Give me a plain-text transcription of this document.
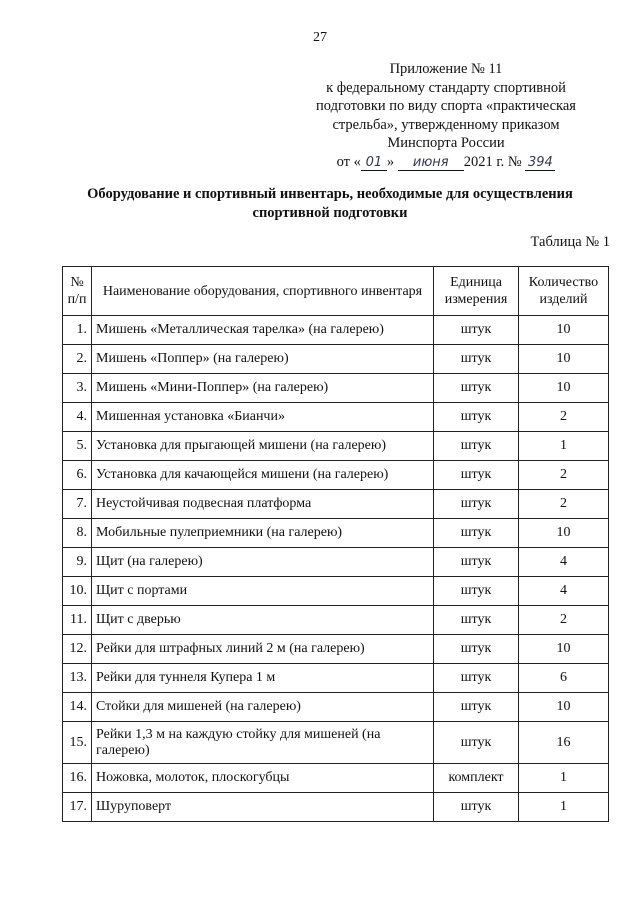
27
Приложение № 11
к федеральному стандарту спортивной
подготовки по виду спорта «практическая
стрельба», утвержденному приказом
Минспорта России
от « 01 » июня 2021 г. № 394
Оборудование и спортивный инвентарь, необходимые для осуществления спортивной подготовки
Таблица № 1
№ п/п	Наименование оборудования, спортивного инвентаря	Единица измерения	Количество изделий
1.	Мишень «Металлическая тарелка» (на галерею)	штук	10
2.	Мишень «Поппер» (на галерею)	штук	10
3.	Мишень «Мини-Поппер» (на галерею)	штук	10
4.	Мишенная установка «Бианчи»	штук	2
5.	Установка для прыгающей мишени (на галерею)	штук	1
6.	Установка для качающейся мишени (на галерею)	штук	2
7.	Неустойчивая подвесная платформа	штук	2
8.	Мобильные пулеприемники (на галерею)	штук	10
9.	Щит (на галерею)	штук	4
10.	Щит с портами	штук	4
11.	Щит с дверью	штук	2
12.	Рейки для штрафных линий 2 м (на галерею)	штук	10
13.	Рейки для туннеля Купера 1 м	штук	6
14.	Стойки для мишеней (на галерею)	штук	10
15.	Рейки 1,3 м на каждую стойку для мишеней (на галерею)	штук	16
16.	Ножовка, молоток, плоскогубцы	комплект	1
17.	Шуруповерт	штук	1
